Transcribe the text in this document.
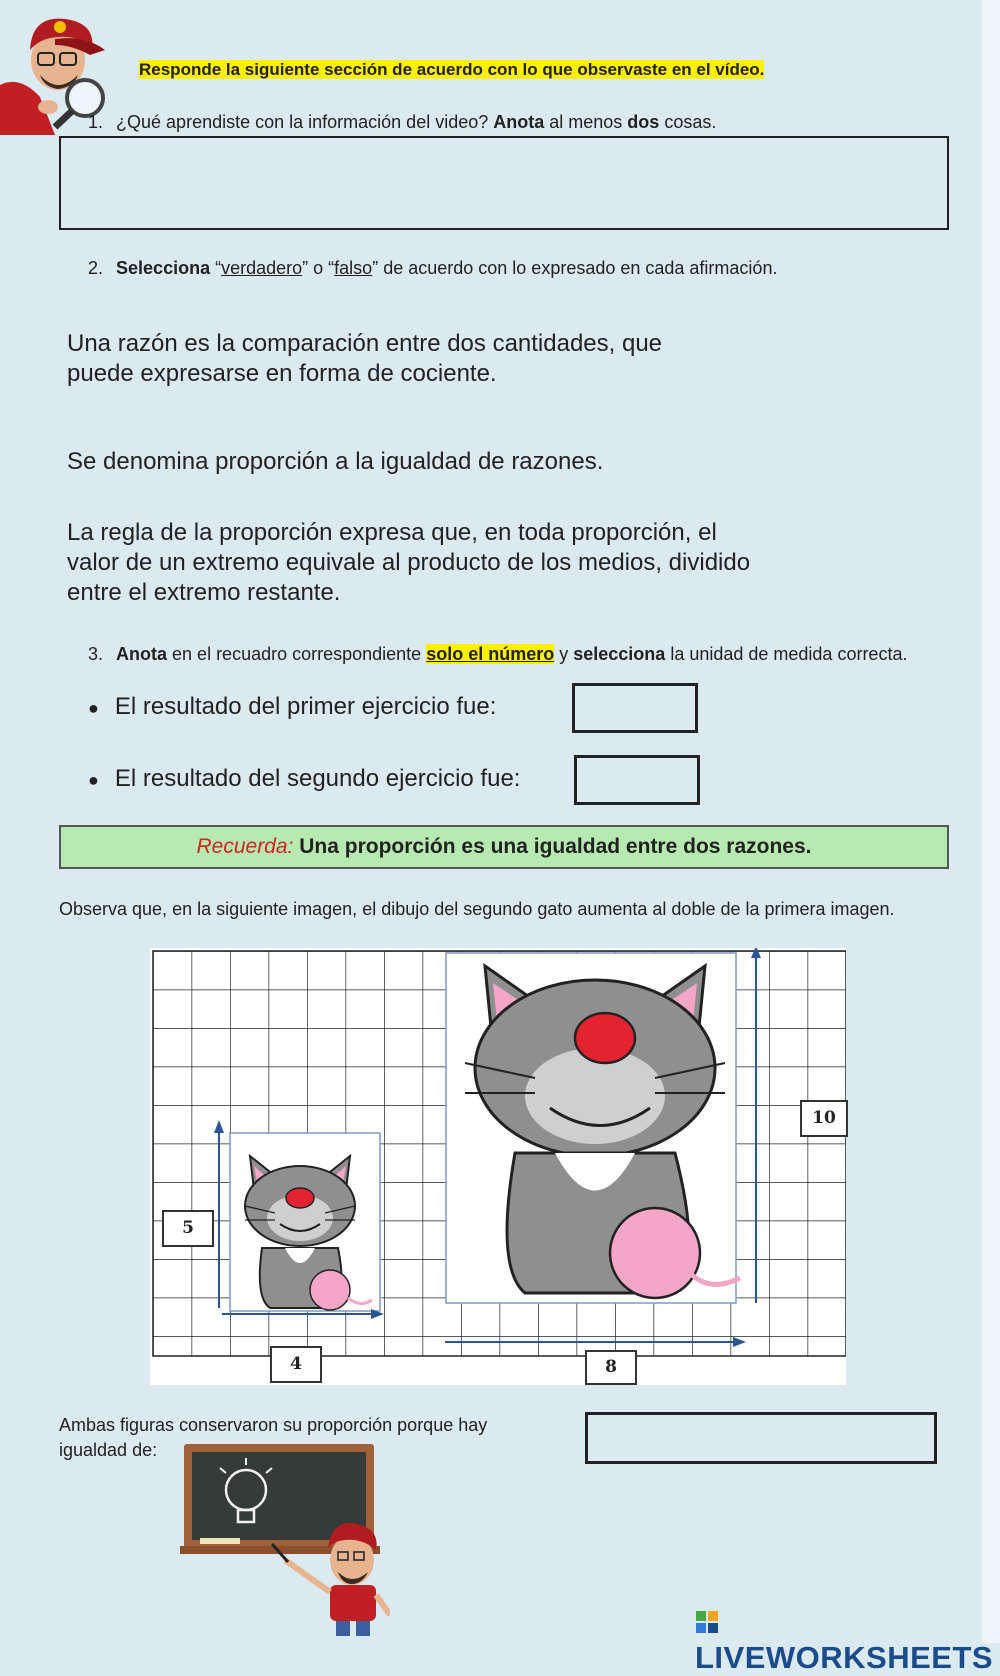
Responde la siguiente sección de acuerdo con lo que observaste en el vídeo.
1. ¿Qué aprendiste con la información del video? Anota al menos dos cosas.
2. Selecciona “verdadero” o “falso” de acuerdo con lo expresado en cada afirmación.
Una razón es la comparación entre dos cantidades, que puede expresarse en forma de cociente.
Se denomina proporción a la igualdad de razones.
La regla de la proporción expresa que, en toda proporción, el valor de un extremo equivale al producto de los medios, dividido entre el extremo restante.
3. Anota en el recuadro correspondiente solo el número y selecciona la unidad de medida correcta.
● El resultado del primer ejercicio fue:
● El resultado del segundo ejercicio fue:
Recuerda: Una proporción es una igualdad entre dos razones.
Observa que, en la siguiente imagen, el dibujo del segundo gato aumenta al doble de la primera imagen.
5
4
10
8
Ambas figuras conservaron su proporción porque hay igualdad de:
LIVEWORKSHEETS
